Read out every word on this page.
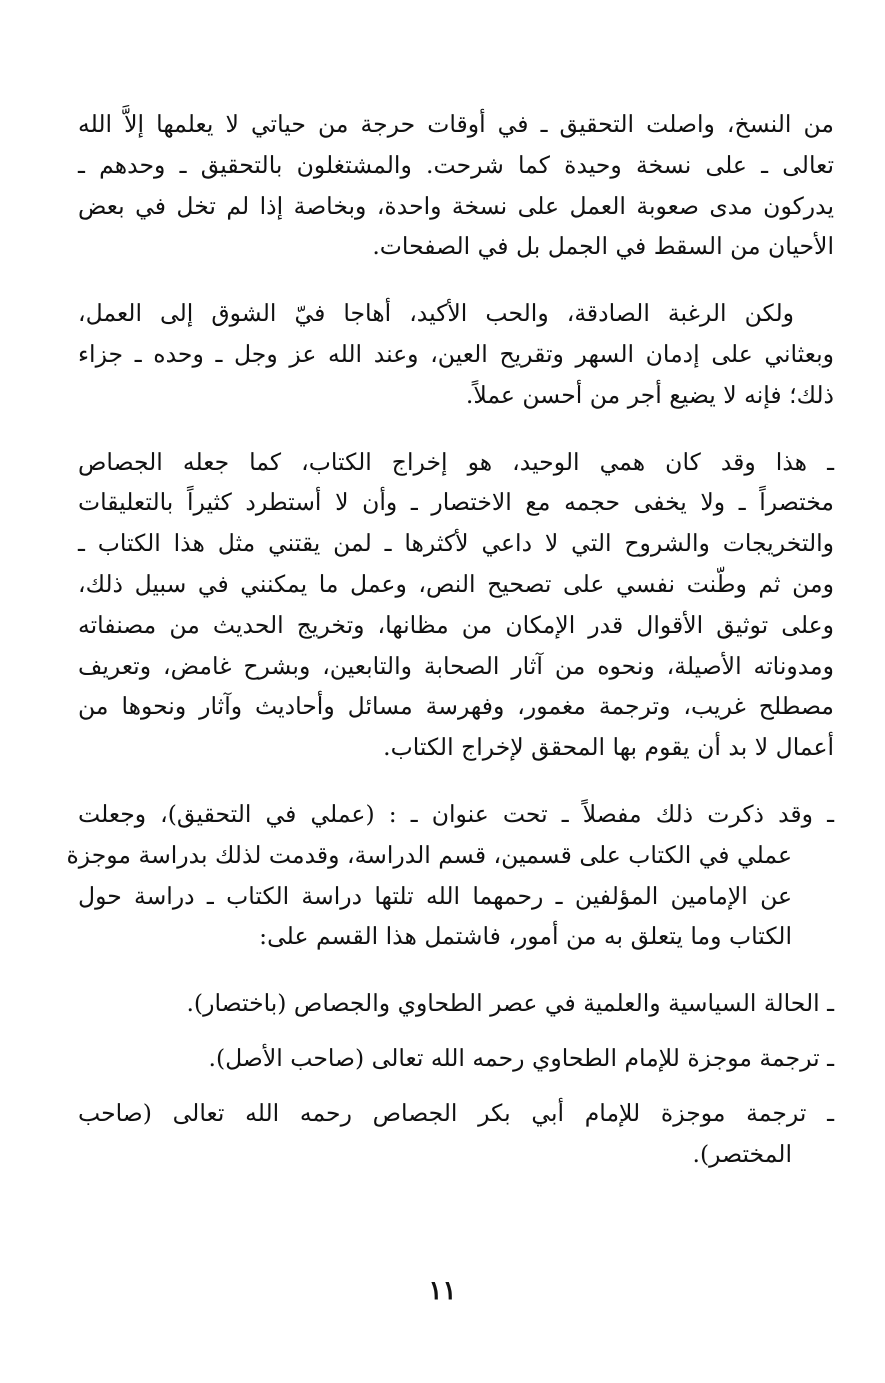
من النسخ، واصلت التحقيق ـ في أوقات حرجة من حياتي لا يعلمها إلاَّ الله
تعالى ـ على نسخة وحيدة كما شرحت. والمشتغلون بالتحقيق ـ وحدهم ـ
يدركون مدى صعوبة العمل على نسخة واحدة، وبخاصة إذا لم تخل في بعض
الأحيان من السقط في الجمل بل في الصفحات.
ولكن الرغبة الصادقة، والحب الأكيد، أهاجا فيّ الشوق إلى العمل،
وبعثاني على إدمان السهر وتقريح العين، وعند الله عز وجل ـ وحده ـ جزاء
ذلك؛ فإنه لا يضيع أجر من أحسن عملاً.
ـ هذا وقد كان همي الوحيد، هو إخراج الكتاب، كما جعله الجصاص
مختصراً ـ ولا يخفى حجمه مع الاختصار ـ وأن لا أستطرد كثيراً بالتعليقات
والتخريجات والشروح التي لا داعي لأكثرها ـ لمن يقتني مثل هذا الكتاب ـ
ومن ثم وطّنت نفسي على تصحيح النص، وعمل ما يمكنني في سبيل ذلك،
وعلى توثيق الأقوال قدر الإمكان من مظانها، وتخريج الحديث من مصنفاته
ومدوناته الأصيلة، ونحوه من آثار الصحابة والتابعين، وبشرح غامض، وتعريف
مصطلح غريب، وترجمة مغمور، وفهرسة مسائل وأحاديث وآثار ونحوها من
أعمال لا بد أن يقوم بها المحقق لإخراج الكتاب.
ـ وقد ذكرت ذلك مفصلاً ـ تحت عنوان ـ : (عملي في التحقيق)، وجعلت
عملي في الكتاب على قسمين، قسم الدراسة، وقدمت لذلك بدراسة موجزة
عن الإمامين المؤلفين ـ رحمهما الله تلتها دراسة الكتاب ـ دراسة حول
الكتاب وما يتعلق به من أمور، فاشتمل هذا القسم على:
ـ الحالة السياسية والعلمية في عصر الطحاوي والجصاص (باختصار).
ـ ترجمة موجزة للإمام الطحاوي رحمه الله تعالى (صاحب الأصل).
ـ ترجمة موجزة للإمام أبي بكر الجصاص رحمه الله تعالى (صاحب
المختصر).
١١
